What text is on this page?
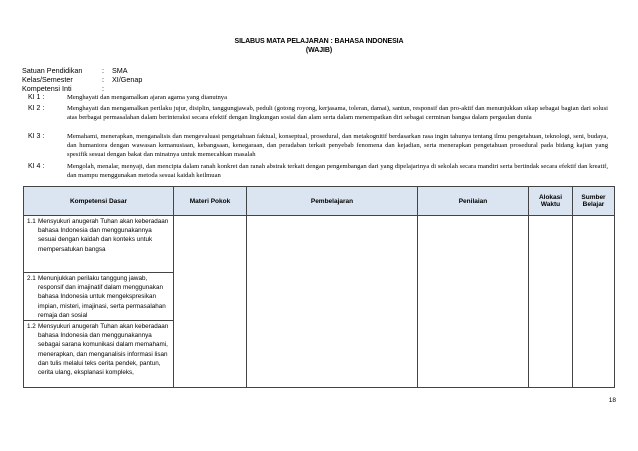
SILABUS MATA PELAJARAN : BAHASA INDONESIA
(WAJIB)
Satuan Pendidikan	: SMA
Kelas/Semester	: XI/Genap
Kompetensi Inti	:
KI 1 :	Menghayati dan mengamalkan ajaran agama yang dianutnya
KI 2 :	Menghayati dan mengamalkan perilaku jujur, disiplin, tanggungjawab, peduli (gotong royong, kerjasama, toleran, damai), santun, responsif dan pro-aktif dan menunjukkan sikap sebagai bagian dari solusi atas berbagai permasalahan dalam berinteraksi secara efektif dengan lingkungan sosial dan alam serta dalam menempatkan diri sebagai cerminan bangsa dalam pergaulan dunia
KI 3 :	Memahami, menerapkan, menganalisis dan mengevaluasi pengetahuan faktual, konseptual, prosedural, dan metakognitif berdasarkan rasa ingin tahunya tentang ilmu pengetahuan, teknologi, seni, budaya, dan humaniora dengan wawasan kemanusiaan, kebangsaan, kenegaraan, dan peradaban terkait penyebab fenomena dan kejadian, serta menerapkan pengetahuan prosedural pada bidang kajian yang spesifik sesuai dengan bakat dan minatnya untuk memecahkan masalah
KI 4 :	Mengolah, menalar, menyaji, dan mencipta dalam ranah konkret dan ranah abstrak terkait dengan pengembangan dari yang dipelajarinya di sekolah secara mandiri serta bertindak secara efektif dan kreatif, dan mampu menggunakan metoda sesuai kaidah keilmuan
Kompetensi Dasar	Materi Pokok	Pembelajaran	Penilaian	Alokasi Waktu	Sumber Belajar

1.1 Mensyukuri anugerah Tuhan akan keberadaan bahasa Indonesia dan menggunakannya sesuai dengan kaidah dan konteks untuk mempersatukan bangsa					

2.1 Menunjukkan perilaku tanggung jawab, responsif dan imajinatif dalam menggunakan bahasa Indonesia untuk mengekspresikan impian, misteri, imajinasi, serta permasalahan remaja dan sosial					

1.2 Mensyukuri anugerah Tuhan akan keberadaan bahasa Indonesia dan menggunakannya sebagai sarana komunikasi dalam memahami, menerapkan, dan menganalisis informasi lisan dan tulis melalui teks cerita pendek, pantun, cerita ulang, eksplanasi kompleks,					
18
